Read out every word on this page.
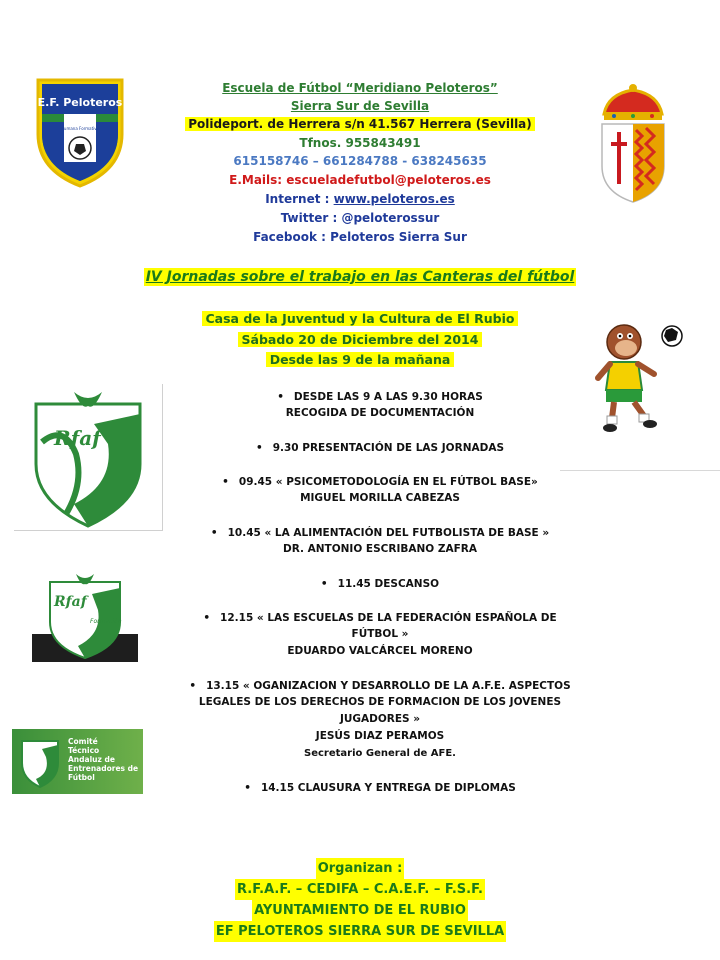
Escuela de Fútbol “Meridiano Peloteros”
Sierra Sur de Sevilla
Polideport. de Herrera s/n 41.567 Herrera (Sevilla)
Tfnos. 955843491
615158746 – 661284788 - 638245635
E.Mails: escueladefutbol@peloteros.es
Internet : www.peloteros.es
Twitter : @peloterossur
Facebook : Peloteros Sierra Sur
E.F. Peloteros
Humana Formativa
IV Jornadas sobre el trabajo en las Canteras del fútbol
Casa de la Juventud y la Cultura de El Rubio
Sábado 20 de Diciembre del 2014
Desde las 9 de la mañana
Rfaf
Rfaf
Formación
Comité
Técnico
Andaluz de
Entrenadores de
Fútbol
• DESDE LAS 9 A LAS 9.30 HORAS
RECOGIDA DE DOCUMENTACIÓN
• 9.30 PRESENTACIÓN DE LAS JORNADAS
• 09.45 « PSICOMETODOLOGÍA EN EL FÚTBOL BASE»
MIGUEL MORILLA CABEZAS
• 10.45 « LA ALIMENTACIÓN DEL FUTBOLISTA DE BASE »
DR. ANTONIO ESCRIBANO ZAFRA
• 11.45 DESCANSO
• 12.15 « LAS ESCUELAS DE LA FEDERACIÓN ESPAÑOLA DE
FÚTBOL »
EDUARDO VALCÁRCEL MORENO
• 13.15 « OGANIZACION Y DESARROLLO DE LA A.F.E. ASPECTOS
LEGALES DE LOS DERECHOS DE FORMACION DE LOS JOVENES
JUGADORES »
JESÚS DIAZ PERAMOS
Secretario General de AFE.
• 14.15 CLAUSURA Y ENTREGA DE DIPLOMAS
Organizan :
R.F.A.F. – CEDIFA – C.A.E.F. – F.S.F.
AYUNTAMIENTO DE EL RUBIO
EF PELOTEROS SIERRA SUR DE SEVILLA
